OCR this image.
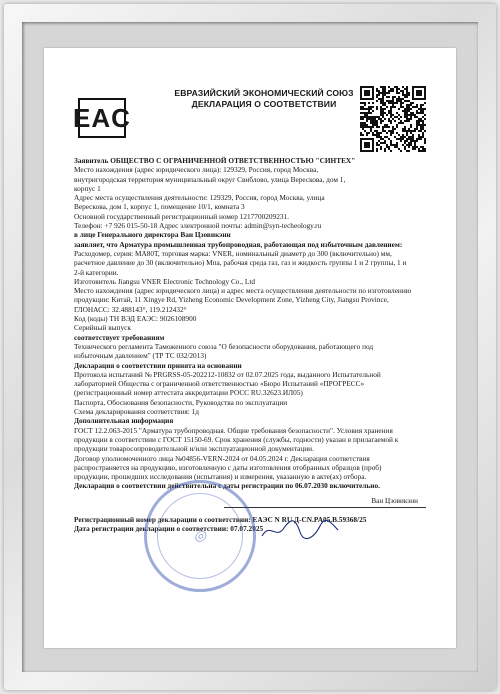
EAC
ЕВРАЗИЙСКИЙ ЭКОНОМИЧЕСКИЙ СОЮЗ
ДЕКЛАРАЦИЯ О СООТВЕТСТВИИ

Заявитель ОБЩЕСТВО С ОГРАНИЧЕННОЙ ОТВЕТСТВЕННОСТЬЮ "СИНТЕХ"

Место нахождения (адрес юридического лица): 129329, Россия, город Москва,

внутригородская территория муниципальный округ Свиблово, улица Верескова, дом 1,

корпус 1

Адрес места осуществления деятельности: 129329, Россия, город Москва, улица

Верескова, дом 1, корпус 1, помещение 10/1, комната 3

Основной государственный регистрационный номер 1217700209231.

Телефон: +7 926 015-50-18 Адрес электронной почты: admin@syn-techeology.ru

в лице Генерального директора Ван Цзовикэнн

заявляет, что Арматура промышленная трубопроводная, работающая под избыточным давлением:

Расходомер, серия: MA80T, торговая марка: VNER, номинальный диаметр до 300 (включительно) мм,

расчетное давление до 30 (включительно) Мпа, рабочая среда газ, газ и жидкость группы 1 и 2 группы, 1 и

2-й категории.

Изготовитель Jiangsu VNER Electronic Technology Co., Ltd

Место нахождения (адрес юридического лица) и адрес места осуществления деятельности по изготовлению

продукции: Китай, 11 Xingye Rd, Yizheng Economic Development Zone, Yizheng City, Jiangsu Province,

ГЛОНАСС: 32.488143°, 119.212432°

Код (коды) ТН ВЭД ЕАЭС: 9026108900

Серийный выпуск

соответствует требованиям

Технического регламента Таможенного союза "О безопасности оборудования, работающего под

избыточным давлением" (ТР ТС 032/2013)

Декларация о соответствии принята на основании

Протокола испытаний № PRGRSS-05-202212-10832 от 02.07.2025 года, выданного Испытательной

лабораторией Общества с ограниченной ответственностью «Бюро Испытаний «ПРОГРЕСС»

(регистрационный номер аттестата аккредитации РОСС RU.32623.ИЛ05)

Паспорта, Обоснования безопасности, Руководства по эксплуатации

Схема декларирования соответствия: 1д

Дополнительная информация

ГОСТ 12.2.063-2015 "Арматура трубопроводная. Общие требования безопасности". Условия хранения

продукции в соответствии с ГОСТ 15150-69. Срок хранения (службы, годности) указан в прилагаемой к

продукции товаросопроводительной и/или эксплуатационной документации.

Договор уполномоченного лица №04856-VERN-2024 от 04.05.2024 г. Декларация соответствия

распространяется на продукцию, изготовленную с даты изготовления отобранных образцов (проб)

продукции, прошедших исследования (испытания) и измерения, указанную в акте(ах) отбора.

Декларация о соответствии действительна с даты регистрации по 06.07.2030 включительно.

Ван Цзовикэнн

Регистрационный номер декларации о соответствии: ЕАЭС N RU Д-CN.PA05.B.59368/25

Дата регистрации декларации о соответствии: 07.07.2025

◎
